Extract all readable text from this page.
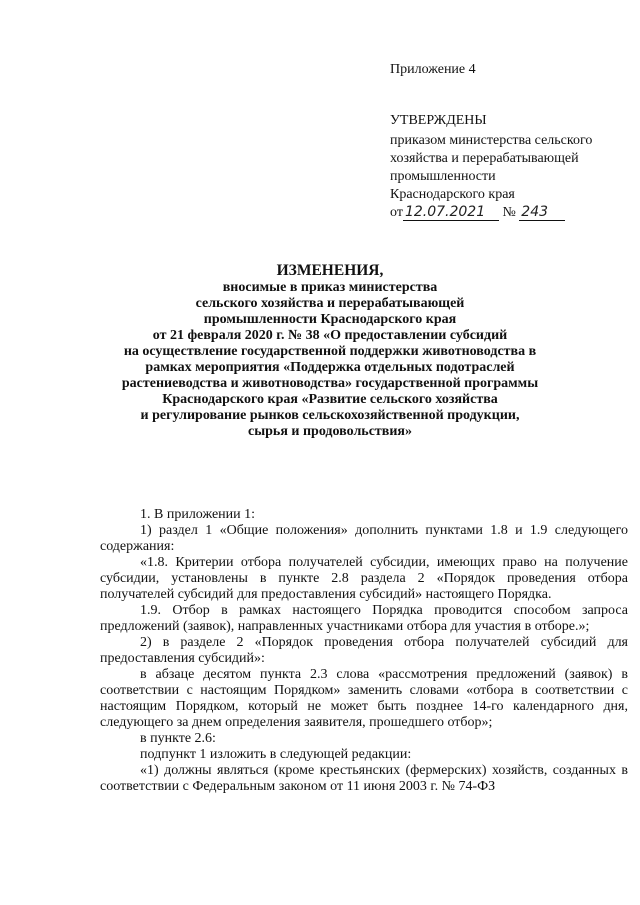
Приложение 4
УТВЕРЖДЕНЫ
приказом министерства сельского
хозяйства и перерабатывающей
промышленности
Краснодарского края
от 12.07.2021 № 243
ИЗМЕНЕНИЯ,
вносимые в приказ министерства
сельского хозяйства и перерабатывающей
промышленности Краснодарского края
от 21 февраля 2020 г. № 38 «О предоставлении субсидий
на осуществление государственной поддержки животноводства в
рамках мероприятия «Поддержка отдельных подотраслей
растениеводства и животноводства» государственной программы
Краснодарского края «Развитие сельского хозяйства
и регулирование рынков сельскохозяйственной продукции,
сырья и продовольствия»
1. В приложении 1:
1) раздел 1 «Общие положения» дополнить пунктами 1.8 и 1.9 следующего содержания:
«1.8. Критерии отбора получателей субсидии, имеющих право на получение субсидии, установлены в пункте 2.8 раздела 2 «Порядок проведения отбора получателей субсидий для предоставления субсидий» настоящего Порядка.
1.9. Отбор в рамках настоящего Порядка проводится способом запроса предложений (заявок), направленных участниками отбора для участия в отборе.»;
2) в разделе 2 «Порядок проведения отбора получателей субсидий для предоставления субсидий»:
в абзаце десятом пункта 2.3 слова «рассмотрения предложений (заявок) в соответствии с настоящим Порядком» заменить словами «отбора в соответствии с настоящим Порядком, который не может быть позднее 14-го календарного дня, следующего за днем определения заявителя, прошедшего отбор»;
в пункте 2.6:
подпункт 1 изложить в следующей редакции:
«1) должны являться (кроме крестьянских (фермерских) хозяйств, созданных в соответствии с Федеральным законом от 11 июня 2003 г. № 74-ФЗ
